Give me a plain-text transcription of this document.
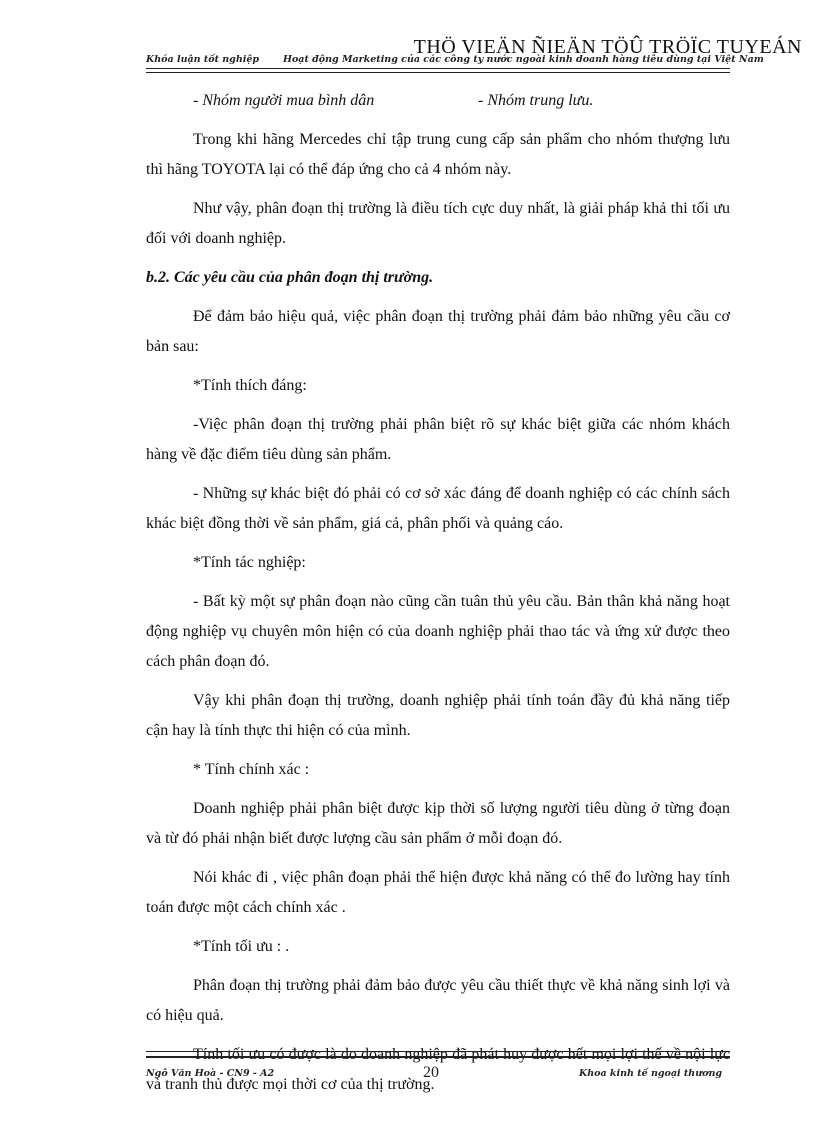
THÖ VIEÄN ÑIEÄN TÖÛ TRÖÏC TUYEÁN
Khóa luận tốt nghiệp	Hoạt động Marketing của các công ty nước ngoài kinh doanh hàng tiêu dùng tại Việt Nam
- Nhóm người mua bình dân	- Nhóm trung lưu.

Trong khi hãng Mercedes chỉ tập trung cung cấp sản phẩm cho nhóm thượng lưu thì hãng TOYOTA lại có thể đáp ứng cho cả 4 nhóm này.

Như vậy, phân đoạn thị trường là điều tích cực duy nhất, là giải pháp khả thi tối ưu đối với doanh nghiệp.

b.2. Các yêu cầu của phân đoạn thị trường.

Để đảm bảo hiệu quả, việc phân đoạn thị trường phải đảm bảo những yêu cầu cơ bản sau:

*Tính thích đáng:

-Việc phân đoạn thị trường phải phân biệt rõ sự khác biệt giữa các nhóm khách hàng về đặc điểm tiêu dùng sản phẩm.

- Những sự khác biệt đó phải có cơ sở xác đáng để doanh nghiệp có các chính sách khác biệt đồng thời về sản phẩm, giá cả, phân phối và quảng cáo.

*Tính tác nghiệp:

- Bất kỳ một sự phân đoạn nào cũng cần tuân thủ yêu cầu. Bản thân khả năng hoạt động nghiệp vụ chuyên môn hiện có của doanh nghiệp phải thao tác và ứng xử được theo cách phân đoạn đó.

Vậy khi phân đoạn thị trường, doanh nghiệp phải tính toán đầy đủ khả năng tiếp cận hay là tính thực thi hiện có của mình.

* Tính chính xác :

Doanh nghiệp phải phân biệt được kịp thời số lượng người tiêu dùng ở từng đoạn và từ đó phải nhận biết được lượng cầu sản phẩm ở mỗi đoạn đó.

Nói khác đi , việc phân đoạn phải thể hiện được khả năng có thể đo lường hay tính toán được một cách chính xác .

*Tính tối ưu : .

Phân đoạn thị trường phải đảm bảo được yêu cầu thiết thực về khả năng sinh lợi và có hiệu quả.

Tính tối ưu có được là do doanh nghiệp đã phát huy được hết mọi lợi thế về nội lực và tranh thủ được mọi thời cơ của thị trường.

Ngô Văn Hoà - CN9 - A2	20	Khoa kinh tế ngoại thương
